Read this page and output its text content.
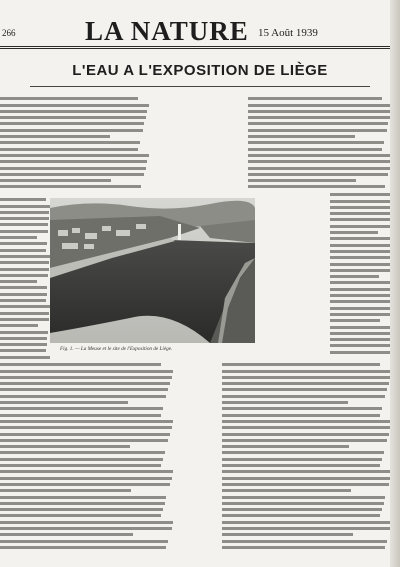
266	LA NATURE 15 Août 1939
L'EAU A L'EXPOSITION DE LIÈGE
Fig. 1. — La Meuse et le site de l'Exposition de Liège.
